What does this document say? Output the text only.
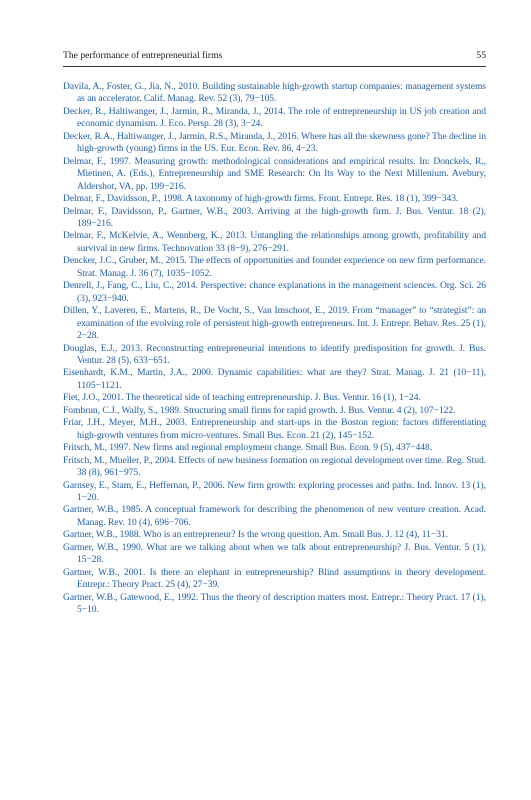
The performance of entrepreneurial firms	55
Davila, A., Foster, G., Jia, N., 2010. Building sustainable high-growth startup companies: management systems as an accelerator. Calif. Manag. Rev. 52 (3), 79−105.
Decker, R., Haltiwanger, J., Jarmin, R., Miranda, J., 2014. The role of entrepreneurship in US job creation and economic dynamism. J. Eco. Persp. 28 (3), 3−24.
Decker, R.A., Haltiwanger, J., Jarmin, R.S., Miranda, J., 2016. Where has all the skewness gone? The decline in high-growth (young) firms in the US. Eur. Econ. Rev. 86, 4−23.
Delmar, F., 1997. Measuring growth: methodological considerations and empirical results. In: Donckels, R., Mietinen, A. (Eds.), Entrepreneurship and SME Research: On Its Way to the Next Millenium. Avebury, Aldershot, VA, pp. 199−216.
Delmar, F., Davidsson, P., 1998. A taxonomy of high-growth firms. Front. Entrepr. Res. 18 (1), 399−343.
Delmar, F., Davidsson, P., Gartner, W.B., 2003. Arriving at the high-growth firm. J. Bus. Ventur. 18 (2), 189−216.
Delmar, F., McKelvie, A., Wennberg, K., 2013. Untangling the relationships among growth, profitability and survival in new firms. Technovation 33 (8−9), 276−291.
Dencker, J.C., Gruber, M., 2015. The effects of opportunities and founder experience on new firm performance. Strat. Manag. J. 36 (7), 1035−1052.
Denrell, J., Fang, C., Liu, C., 2014. Perspective: chance explanations in the management sciences. Org. Sci. 26 (3), 923−940.
Dillen, Y., Laveren, E., Martens, R., De Vocht, S., Van Imschoot, E., 2019. From “manager” to “strategist”: an examination of the evolving role of persistent high-growth entrepreneurs. Int. J. Entrepr. Behav. Res. 25 (1), 2−28.
Douglas, E.J., 2013. Reconstructing entrepreneurial intentions to identify predisposition for growth. J. Bus. Ventur. 28 (5), 633−651.
Eisenhardt, K.M., Martin, J.A., 2000. Dynamic capabilities: what are they? Strat. Manag. J. 21 (10−11), 1105−1121.
Fiet, J.O., 2001. The theoretical side of teaching entrepreneurship. J. Bus. Ventur. 16 (1), 1−24.
Fombrun, C.J., Wally, S., 1989. Structuring small firms for rapid growth. J. Bus. Ventur. 4 (2), 107−122.
Friar, J.H., Meyer, M.H., 2003. Entrepreneurship and start-ups in the Boston region: factors differentiating high-growth ventures from micro-ventures. Small Bus. Econ. 21 (2), 145−152.
Fritsch, M., 1997. New firms and regional employment change. Small Bus. Econ. 9 (5), 437−448.
Fritsch, M., Mueller, P., 2004. Effects of new business formation on regional development over time. Reg. Stud. 38 (8), 961−975.
Garnsey, E., Stam, E., Heffernan, P., 2006. New firm growth: exploring processes and paths. Ind. Innov. 13 (1), 1−20.
Gartner, W.B., 1985. A conceptual framework for describing the phenomenon of new venture creation. Acad. Manag. Rev. 10 (4), 696−706.
Gartner, W.B., 1988. Who is an entrepreneur? Is the wrong question. Am. Small Bus. J. 12 (4), 11−31.
Gartner, W.B., 1990. What are we talking about when we talk about entrepreneurship? J. Bus. Ventur. 5 (1), 15−28.
Gartner, W.B., 2001. Is there an elephant in entrepreneurship? Blind assumptions in theory development. Entrepr.: Theory Pract. 25 (4), 27−39.
Gartner, W.B., Gatewood, E., 1992. Thus the theory of description matters most. Entrepr.: Theory Pract. 17 (1), 5−10.
